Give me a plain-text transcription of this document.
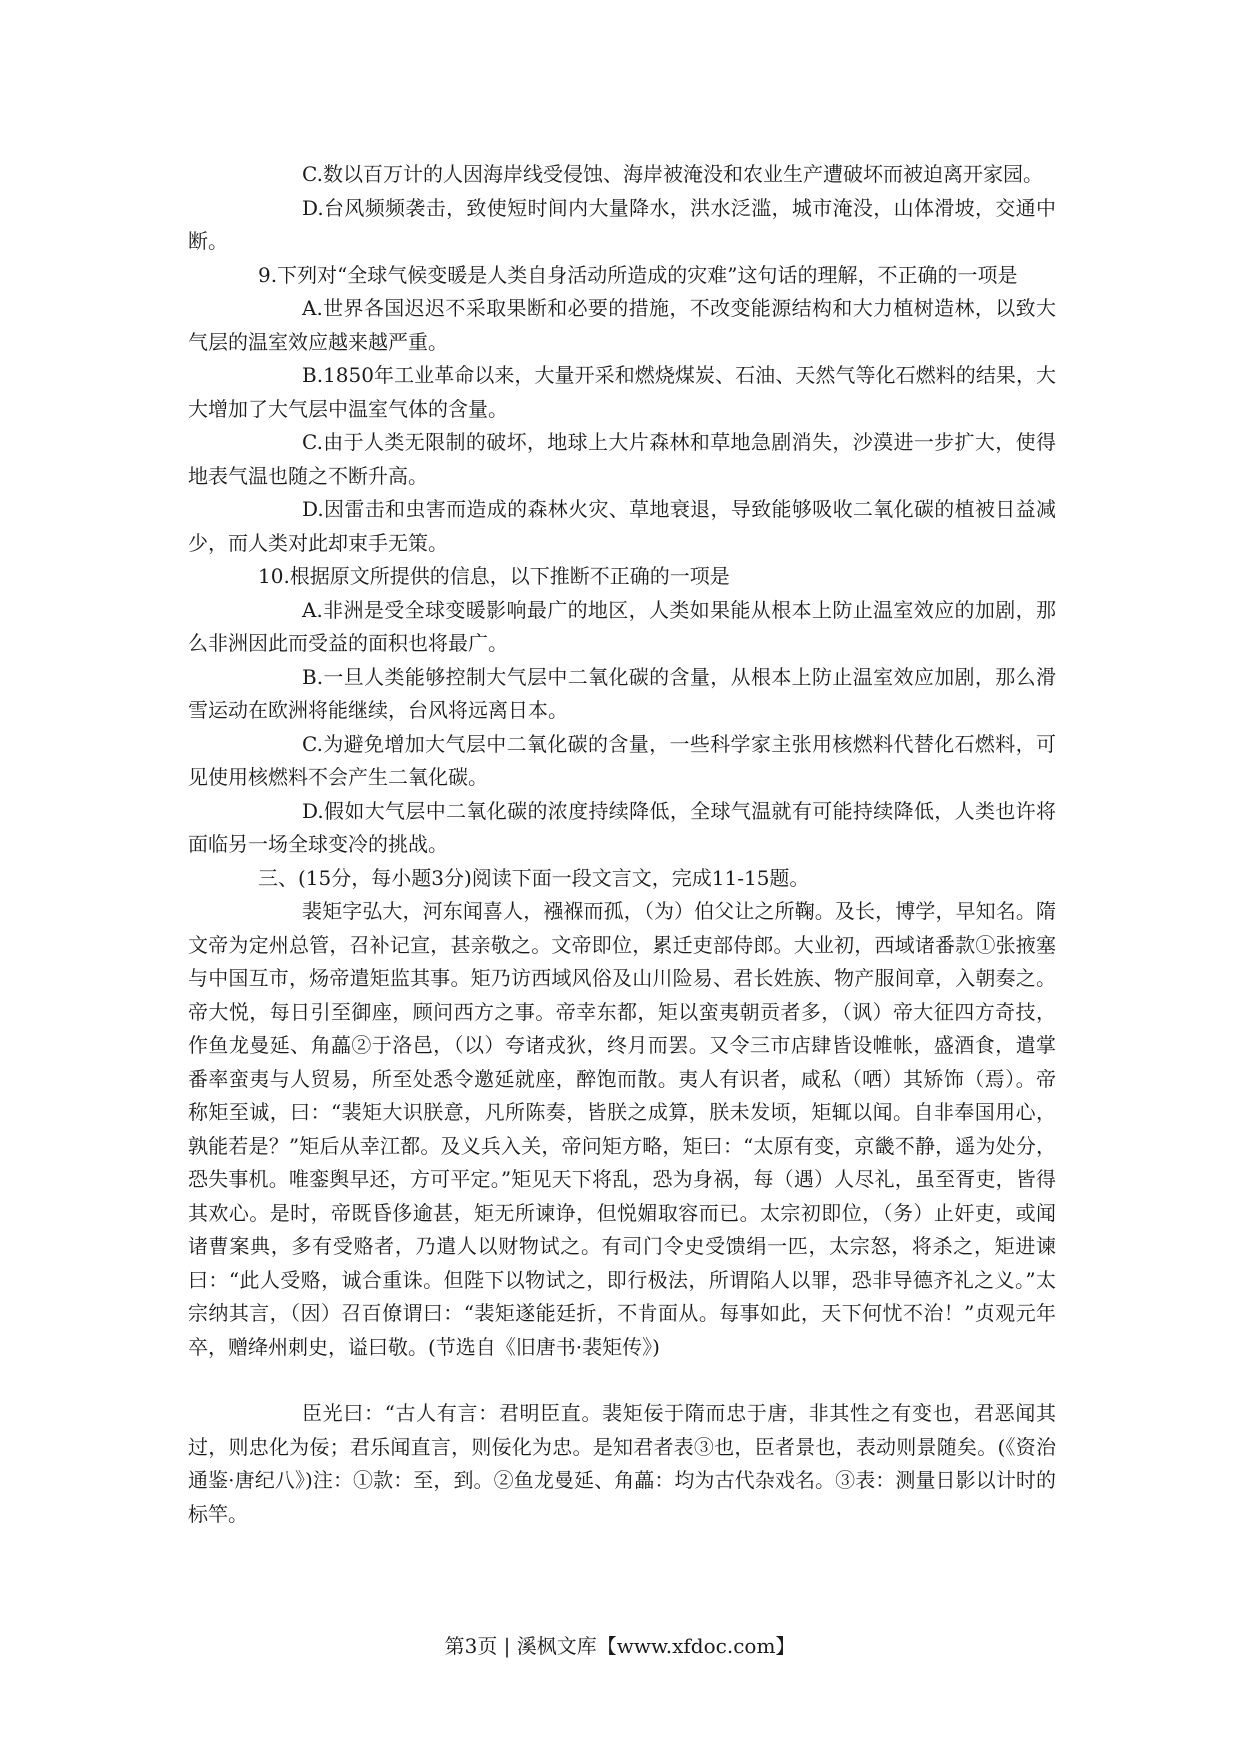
C.数以百万计的人因海岸线受侵蚀、海岸被淹没和农业生产遭破坏而被迫离开家园。

D.台风频频袭击，致使短时间内大量降水，洪水泛滥，城市淹没，山体滑坡，交通中断。

9.下列对“全球气候变暖是人类自身活动所造成的灾难”这句话的理解，不正确的一项是

A.世界各国迟迟不采取果断和必要的措施，不改变能源结构和大力植树造林，以致大气层的温室效应越来越严重。

B.1850年工业革命以来，大量开采和燃烧煤炭、石油、天然气等化石燃料的结果，大大增加了大气层中温室气体的含量。

C.由于人类无限制的破坏，地球上大片森林和草地急剧消失，沙漠进一步扩大，使得地表气温也随之不断升高。

D.因雷击和虫害而造成的森林火灾、草地衰退，导致能够吸收二氧化碳的植被日益减少，而人类对此却束手无策。

10.根据原文所提供的信息，以下推断不正确的一项是

A.非洲是受全球变暖影响最广的地区，人类如果能从根本上防止温室效应的加剧，那么非洲因此而受益的面积也将最广。

B.一旦人类能够控制大气层中二氧化碳的含量，从根本上防止温室效应加剧，那么滑雪运动在欧洲将能继续，台风将远离日本。

C.为避免增加大气层中二氧化碳的含量，一些科学家主张用核燃料代替化石燃料，可见使用核燃料不会产生二氧化碳。

D.假如大气层中二氧化碳的浓度持续降低，全球气温就有可能持续降低，人类也许将面临另一场全球变冷的挑战。

三、(15分，每小题3分)阅读下面一段文言文，完成11-15题。

裴矩字弘大，河东闻喜人，襁褓而孤，（为）伯父让之所鞠。及长，博学，早知名。隋文帝为定州总管，召补记宣，甚亲敬之。文帝即位，累迁吏部侍郎。大业初，西域诸番款①张掖塞与中国互市，炀帝遣矩监其事。矩乃访西域风俗及山川险易、君长姓族、物产服间章，入朝奏之。帝大悦，每日引至御座，顾问西方之事。帝幸东都，矩以蛮夷朝贡者多，（讽）帝大征四方奇技，作鱼龙曼延、角藟②于洛邑，（以）夸诸戎狄，终月而罢。又令三市店肆皆设帷帐，盛酒食，遣掌番率蛮夷与人贸易，所至处悉令邀延就座，醉饱而散。夷人有识者，咸私（哂）其矫饰（焉）。帝称矩至诚，曰：“裴矩大识朕意，凡所陈奏，皆朕之成算，朕未发顷，矩辄以闻。自非奉国用心，孰能若是？”矩后从幸江都。及义兵入关，帝问矩方略，矩曰：“太原有变，京畿不静，遥为处分，恐失事机。唯銮舆早还，方可平定。”矩见天下将乱，恐为身祸，每（遇）人尽礼，虽至胥吏，皆得其欢心。是时，帝既昏侈逾甚，矩无所谏诤，但悦媚取容而已。太宗初即位，（务）止奸吏，或闻诸曹案典，多有受赂者，乃遣人以财物试之。有司门令史受馈绢一匹，太宗怒，将杀之，矩进谏曰：“此人受赂，诚合重诛。但陛下以物试之，即行极法，所谓陷人以罪，恐非导德齐礼之义。”太宗纳其言，（因）召百僚谓曰：“裴矩遂能廷折，不肯面从。每事如此，天下何忧不治！”贞观元年卒，赠绛州刺史，谥曰敬。(节选自《旧唐书·裴矩传》)

臣光曰：“古人有言：君明臣直。裴矩佞于隋而忠于唐，非其性之有变也，君恶闻其过，则忠化为佞；君乐闻直言，则佞化为忠。是知君者表③也，臣者景也，表动则景随矣。(《资治通鉴·唐纪八》)注：①款：至，到。②鱼龙曼延、角藟：均为古代杂戏名。③表：测量日影以计时的标竿。

第3页 | 溪枫文库【www.xfdoc.com】
